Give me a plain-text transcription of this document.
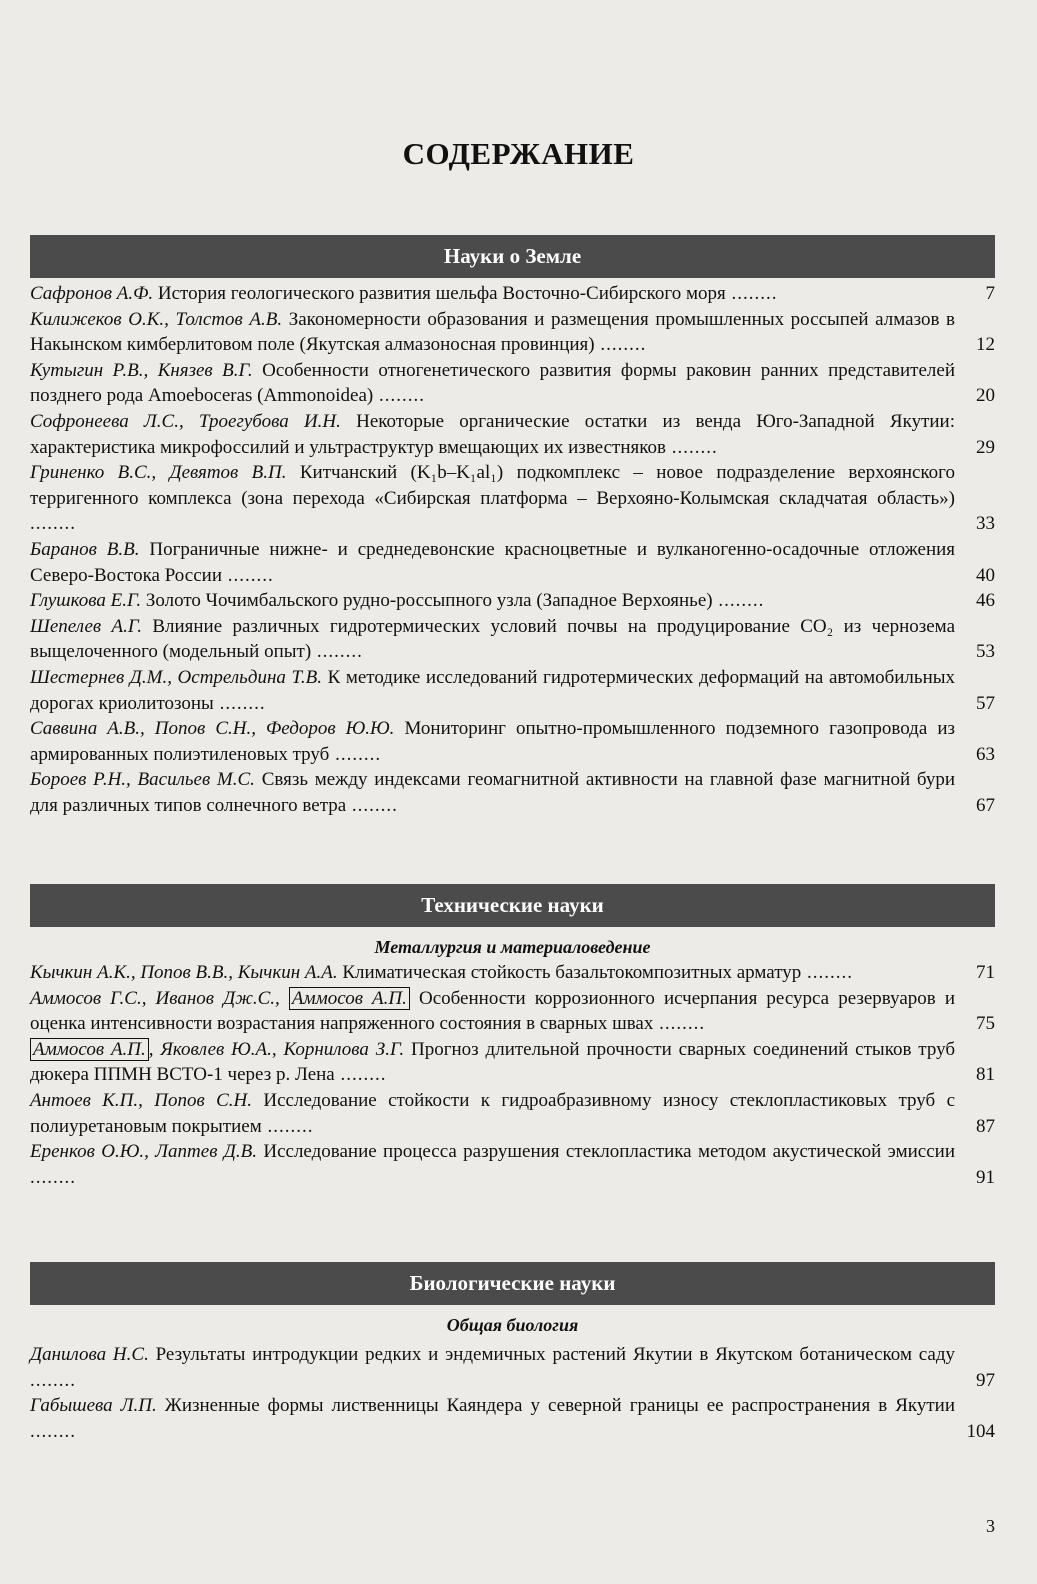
СОДЕРЖАНИЕ
Науки о Земле
Сафронов А.Ф. История геологического развития шельфа Восточно-Сибирского моря ........	7
Килижеков О.К., Толстов А.В. Закономерности образования и размещения промышленных россыпей алмазов в Накынском кимберлитовом поле (Якутская алмазоносная провинция) ........	12
Кутыгин Р.В., Князев В.Г. Особенности отногенетического развития формы раковин ранних представителей позднего рода Amoeboceras (Ammonoidea) ........	20
Софронеева Л.С., Троегубова И.Н. Некоторые органические остатки из венда Юго-Западной Якутии: характеристика микрофоссилий и ультраструктур вмещающих их известняков ........	29
Гриненко В.С., Девятов В.П. Китчанский (K₁b–K₁al₁) подкомплекс – новое подразделение верхоянского терригенного комплекса (зона перехода «Сибирская платформа – Верхояно-Колымская складчатая область») ........	33
Баранов В.В. Пограничные нижне- и среднедевонские красноцветные и вулканогенно-осадочные отложения Северо-Востока России ........	40
Глушкова Е.Г. Золото Чочимбальского рудно-россыпного узла (Западное Верхоянье) ........	46
Шепелев А.Г. Влияние различных гидротермических условий почвы на продуцирование CO₂ из чернозема выщелоченного (модельный опыт) ........	53
Шестернев Д.М., Острельдина Т.В. К методике исследований гидротермических деформаций на автомобильных дорогах криолитозоны ........	57
Саввина А.В., Попов С.Н., Федоров Ю.Ю. Мониторинг опытно-промышленного подземного газопровода из армированных полиэтиленовых труб ........	63
Бороев Р.Н., Васильев М.С. Связь между индексами геомагнитной активности на главной фазе магнитной бури для различных типов солнечного ветра ........	67
Технические науки
Металлургия и материаловедение
Кычкин А.К., Попов В.В., Кычкин А.А. Климатическая стойкость базальтокомпозитных арматур ........	71
Аммосов Г.С., Иванов Дж.С., Аммосов А.П. Особенности коррозионного исчерпания ресурса резервуаров и оценка интенсивности возрастания напряженного состояния в сварных швах ........	75
Аммосов А.П. , Яковлев Ю.А., Корнилова З.Г. Прогноз длительной прочности сварных соединений стыков труб дюкера ППМН ВСТО-1 через р. Лена ........	81
Антоев К.П., Попов С.Н. Исследование стойкости к гидроабразивному износу стеклопластиковых труб с полиуретановым покрытием ........	87
Еренков О.Ю., Лаптев Д.В. Исследование процесса разрушения стеклопластика методом акустической эмиссии ........	91
Биологические науки
Общая биология
Данилова Н.С. Результаты интродукции редких и эндемичных растений Якутии в Якутском ботаническом саду ........	97
Габышева Л.П. Жизненные формы лиственницы Каяндера у северной границы ее распространения в Якутии ........	104
3
